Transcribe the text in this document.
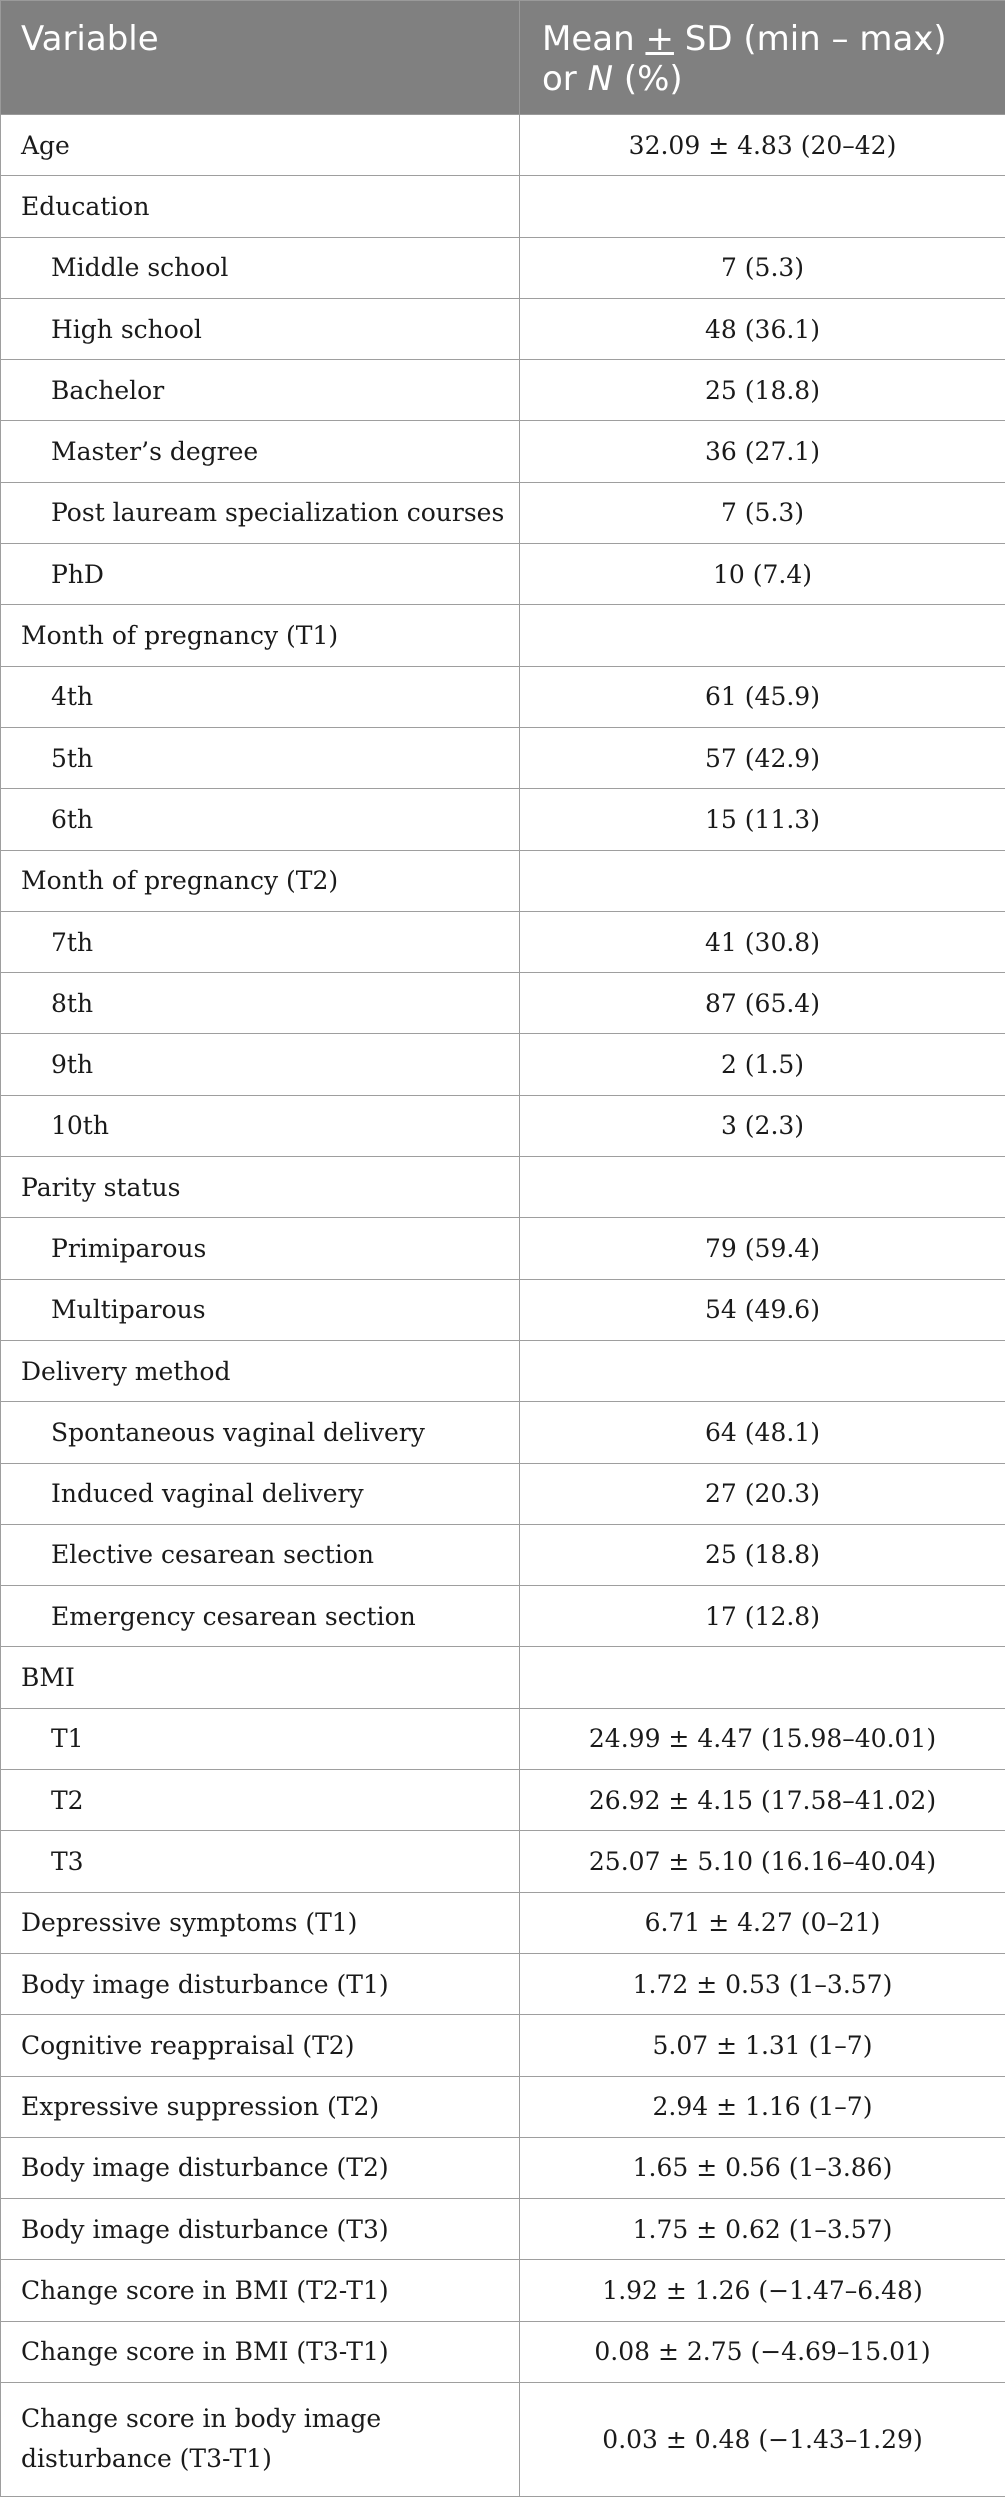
Variable	Mean + SD (min – max)
or N (%)
Age	32.09 ± 4.83 (20–42)
Education	
Middle school	7 (5.3)
High school	48 (36.1)
Bachelor	25 (18.8)
Master’s degree	36 (27.1)
Post lauream specialization courses	7 (5.3)
PhD	10 (7.4)
Month of pregnancy (T1)	
4th	61 (45.9)
5th	57 (42.9)
6th	15 (11.3)
Month of pregnancy (T2)	
7th	41 (30.8)
8th	87 (65.4)
9th	2 (1.5)
10th	3 (2.3)
Parity status	
Primiparous	79 (59.4)
Multiparous	54 (49.6)
Delivery method	
Spontaneous vaginal delivery	64 (48.1)
Induced vaginal delivery	27 (20.3)
Elective cesarean section	25 (18.8)
Emergency cesarean section	17 (12.8)
BMI	
T1	24.99 ± 4.47 (15.98–40.01)
T2	26.92 ± 4.15 (17.58–41.02)
T3	25.07 ± 5.10 (16.16–40.04)
Depressive symptoms (T1)	6.71 ± 4.27 (0–21)
Body image disturbance (T1)	1.72 ± 0.53 (1–3.57)
Cognitive reappraisal (T2)	5.07 ± 1.31 (1–7)
Expressive suppression (T2)	2.94 ± 1.16 (1–7)
Body image disturbance (T2)	1.65 ± 0.56 (1–3.86)
Body image disturbance (T3)	1.75 ± 0.62 (1–3.57)
Change score in BMI (T2-T1)	1.92 ± 1.26 (−1.47–6.48)
Change score in BMI (T3-T1)	0.08 ± 2.75 (−4.69–15.01)
Change score in body image disturbance (T3-T1)	0.03 ± 0.48 (−1.43–1.29)
